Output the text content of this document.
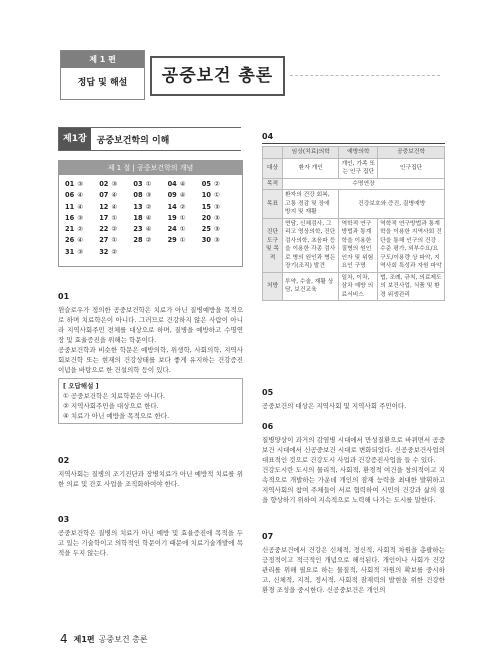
제 1 편
정답 및 해설	공중보건 총론
제1장	공중보건학의 이해
제 1 절 | 공중보건학의 개념
01 ③	02 ③	03 ①	04 ④	05 ②
06 ④	07 ④	08 ③	09 ④	10 ①
11 ④	12 ④	13 ②	14 ②	15 ③
16 ③	17 ①	18 ④	19 ①	20 ③
21 ②	22 ②	23 ④	24 ①	25 ③
26 ④	27 ①	28 ②	29 ①	30 ③
31 ③	32 ②
01
윈슬로우가 정의한 공중보건학은 치료가 아닌 질병예방을 목적으로 하며 치료학은이 아니다. 그러므로 건강하지 않은 사람이 아니라 지역사회주민 전체를 대상으로 하며, 질병을 예방하고 수명연장 및 효율증진을 위해는 학문이다.
공중보건학과 비슷한 학문은 예방의학, 위생학, 사회의학, 지역사회보건학 또는 현재의 건강상태를 보다 좋게 유지하는 건강증진 이념을 바탕으로 한 건설의학 등이 있다.
[ 오답해설 ]
① 공중보건학은 치료학문은 아니다.
② 지역사회주민을 대상으로 한다.
④ 치료가 아닌 예방을 목적으로 한다.
02
지역사회는 질병의 조기진단과 장병치료가 아닌 예방적 치료를 위한 의료 및 간호 사업을 조직화하여야 한다.
03
공중보건학은 질병의 치료가 아닌 예방 및 효율증진에 목적을 두고 있는 기술학이고 의학적인 학문이기 때문에 치료기술개발에 목적을 두지 않는다.
04
	임상(치료)의학	예방의학	공중보건학
대상	환자 개인	개인, 가족 또는 인구 집단	인구집단
목적	수명연장		
목표	환자의 건강 회복, 고통 경감 및 장애 방지 및 재활	건강보호와 증진, 질병예방	
진단도구 및 목적	면담, 신체검사, 그리고 영상의학, 진단검사의학, 초음파 등을 이용한 각종 검사로 병의 원인과 병든 장기(조직) 발견	역학적 연구방법과 통계학을 이용한 질병의 원인인자 및 위험요인 구명	역학적 연구방법과 통계학을 이용한 지역사회 진단을 통해 인구의 건강 수준 평가, 외부수요/요구도/이용량 상 파악, 지역사회 특성과 자원 파악
처방	투약, 수술, 재활 상담, 보건교육	일차, 이차, 삼차 예방 의료서비스	법, 조례, 규칙, 의료제도의 보건사업, 식품 및 환경 위생관리
05
공중보건의 대상은 지역사회 및 지역사회 주민이다.
06
질병양상이 과거의 감염병 시대에서 만성질환으로 바뀌면서 공중보건 시대에서 신공중보건 시대로 변화되었다. 신공중보건사업의 대표적인 것으로 건강도시 사업과 건강증진사업을 들 수 있다.
건강도시란 도시의 물리적, 사회적, 환경적 여건을 창의적이고 지속적으로 개발하는 가운데 개인의 잠재 능력을 최대한 발휘하고 지역사회의 참여 주체들이 서로 협력하여 시민의 건강과 삶의 질을 향상하기 위하여 지속적으로 노력해 나가는 도시를 말한다.
07
신공중보건에서 건강은 신체적, 정신적, 사회적 차원을 총괄하는 긍정적이고 적극적인 개념으로 해석된다. 개인이나 사회가 건강관리를 위해 필요로 하는 물질적, 사회적 자원의 확보를 중시하고, 신체적, 지적, 정서적, 사회적 잠재력의 발현을 위한 건강한 환경 조성을 중시한다. 신공중보건은 개인의
4 제1편 공중보건 총론
